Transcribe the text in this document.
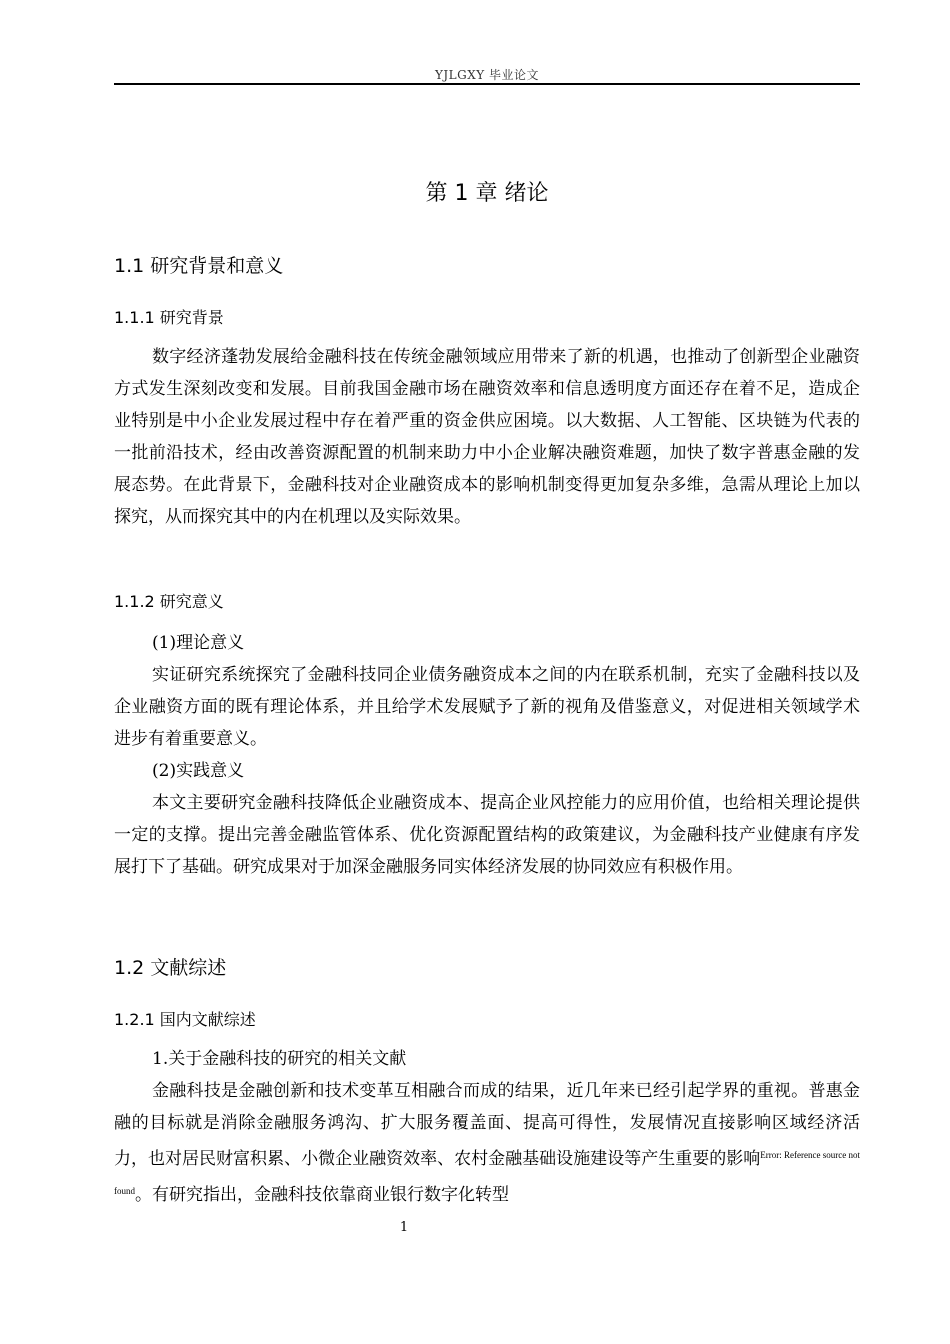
YJLGXY 毕业论文
第 1 章 绪论
1.1 研究背景和意义
1.1.1 研究背景

数字经济蓬勃发展给金融科技在传统金融领域应用带来了新的机遇，也推动了创新型企业融资方式发生深刻改变和发展。目前我国金融市场在融资效率和信息透明度方面还存在着不足，造成企业特别是中小企业发展过程中存在着严重的资金供应困境。以大数据、人工智能、区块链为代表的一批前沿技术，经由改善资源配置的机制来助力中小企业解决融资难题，加快了数字普惠金融的发展态势。在此背景下，金融科技对企业融资成本的影响机制变得更加复杂多维，急需从理论上加以探究，从而探究其中的内在机理以及实际效果。

1.1.2 研究意义
(1)理论意义

实证研究系统探究了金融科技同企业债务融资成本之间的内在联系机制，充实了金融科技以及企业融资方面的既有理论体系，并且给学术发展赋予了新的视角及借鉴意义，对促进相关领域学术进步有着重要意义。

(2)实践意义

本文主要研究金融科技降低企业融资成本、提高企业风控能力的应用价值，也给相关理论提供一定的支撑。提出完善金融监管体系、优化资源配置结构的政策建议，为金融科技产业健康有序发展打下了基础。研究成果对于加深金融服务同实体经济发展的协同效应有积极作用。

1.2 文献综述
1.2.1 国内文献综述
1.关于金融科技的研究的相关文献

金融科技是金融创新和技术变革互相融合而成的结果，近几年来已经引起学界的重视。普惠金融的目标就是消除金融服务鸿沟、扩大服务覆盖面、提高可得性，发展情况直接影响区域经济活力，也对居民财富积累、小微企业融资效率、农村金融基础设施建设等产生重要的影响$^{Error: Reference source not found}$。有研究指出，金融科技依靠商业银行数字化转型

1
